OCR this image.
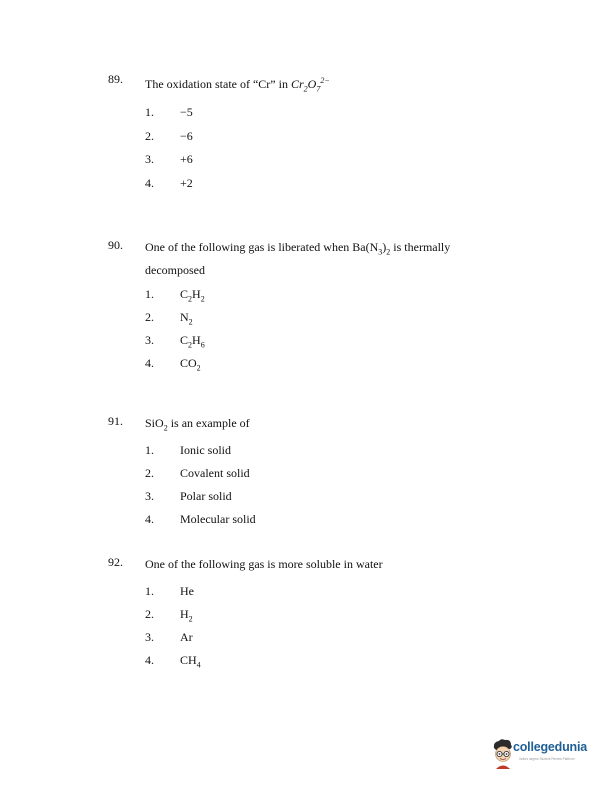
89. The oxidation state of “Cr” in $Cr_2O_7^{2-}$
1. −5
2. −6
3. +6
4. +2
90. One of the following gas is liberated when $Ba(N_3)_2$ is thermally
decomposed
1. $C_2H_2$
2. $N_2$
3. $C_2H_6$
4. $CO_2$
91. SiO$_2$ is an example of
1. Ionic solid
2. Covalent solid
3. Polar solid
4. Molecular solid
92. One of the following gas is more soluble in water
1. He
2. $H_2$
3. Ar
4. $CH_4$
collegedunia
India's largest Student Review Platform
